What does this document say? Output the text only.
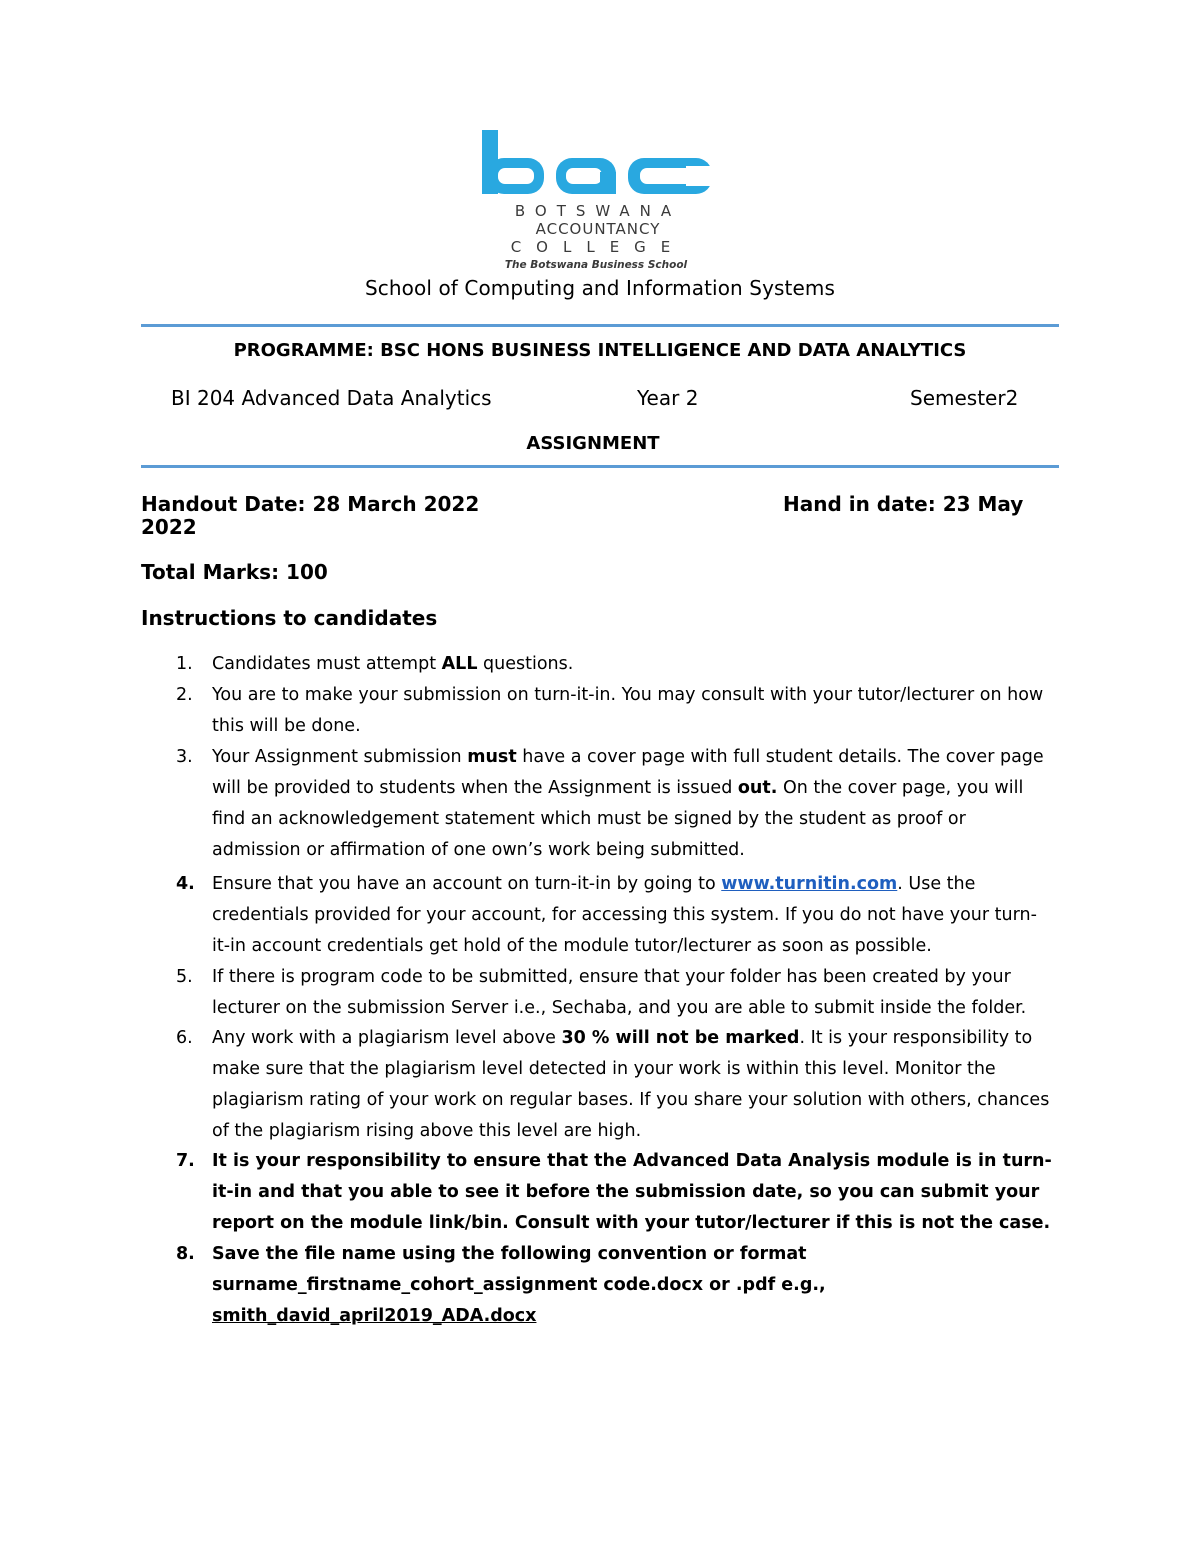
BOTSWANA
ACCOUNTANCY
COLLEGE
The Botswana Business School
School of Computing and Information Systems
PROGRAMME: BSC HONS BUSINESS INTELLIGENCE AND DATA ANALYTICS
BI 204 Advanced Data Analytics	Year 2	Semester2
ASSIGNMENT
Handout Date: 28 March 2022	Hand in date: 23 May
2022
Total Marks: 100
Instructions to candidates
1.	Candidates must attempt ALL questions.
2.	You are to make your submission on turn-it-in. You may consult with your tutor/lecturer on how
this will be done.
3.	Your Assignment submission must have a cover page with full student details. The cover page
will be provided to students when the Assignment is issued out. On the cover page, you will
find an acknowledgement statement which must be signed by the student as proof or
admission or affirmation of one own’s work being submitted.
4. Ensure that you have an account on turn-it-in by going to www.turnitin.com. Use the
credentials provided for your account, for accessing this system. If you do not have your turn-
it-in account credentials get hold of the module tutor/lecturer as soon as possible.
5.	If there is program code to be submitted, ensure that your folder has been created by your
lecturer on the submission Server i.e., Sechaba, and you are able to submit inside the folder.
6.	Any work with a plagiarism level above 30 % will not be marked. It is your responsibility to
make sure that the plagiarism level detected in your work is within this level. Monitor the
plagiarism rating of your work on regular bases. If you share your solution with others, chances
of the plagiarism rising above this level are high.
7. It is your responsibility to ensure that the Advanced Data Analysis module is in turn-
it-in and that you able to see it before the submission date, so you can submit your
report on the module link/bin. Consult with your tutor/lecturer if this is not the case.
8. Save the file name using the following convention or format
surname_firstname_cohort_assignment code.docx or .pdf e.g.,
smith_david_april2019_ADA.docx
